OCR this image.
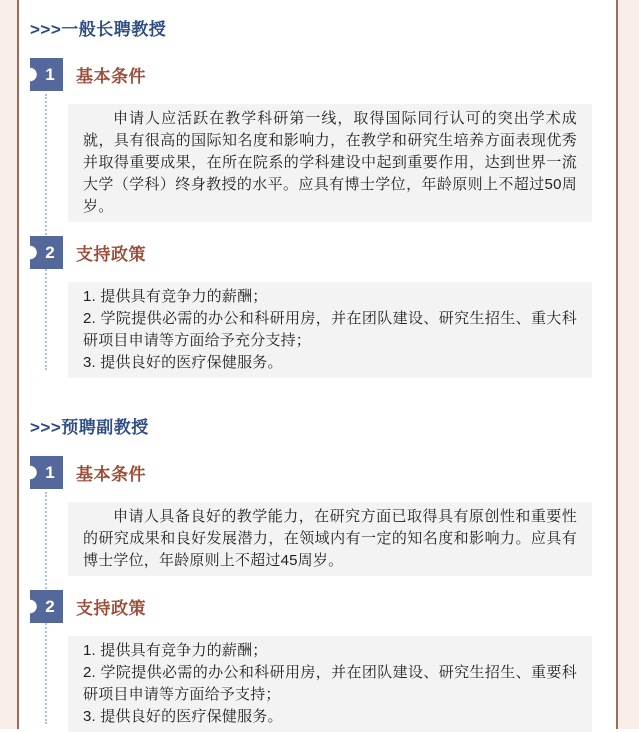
>>>一般长聘教授
1 基本条件

申请人应活跃在教学科研第一线，取得国际同行认可的突出学术成就，具有很高的国际知名度和影响力，在教学和研究生培养方面表现优秀并取得重要成果，在所在院系的学科建设中起到重要作用，达到世界一流大学（学科）终身教授的水平。应具有博士学位，年龄原则上不超过50周岁。

2 支持政策

1. 提供具有竞争力的薪酬；

2. 学院提供必需的办公和科研用房，并在团队建设、研究生招生、重大科研项目申请等方面给予充分支持；

3. 提供良好的医疗保健服务。

>>>预聘副教授
1 基本条件

申请人具备良好的教学能力，在研究方面已取得具有原创性和重要性的研究成果和良好发展潜力，在领域内有一定的知名度和影响力。应具有博士学位，年龄原则上不超过45周岁。

2 支持政策

1. 提供具有竞争力的薪酬；

2. 学院提供必需的办公和科研用房，并在团队建设、研究生招生、重要科研项目申请等方面给予支持；

3. 提供良好的医疗保健服务。
